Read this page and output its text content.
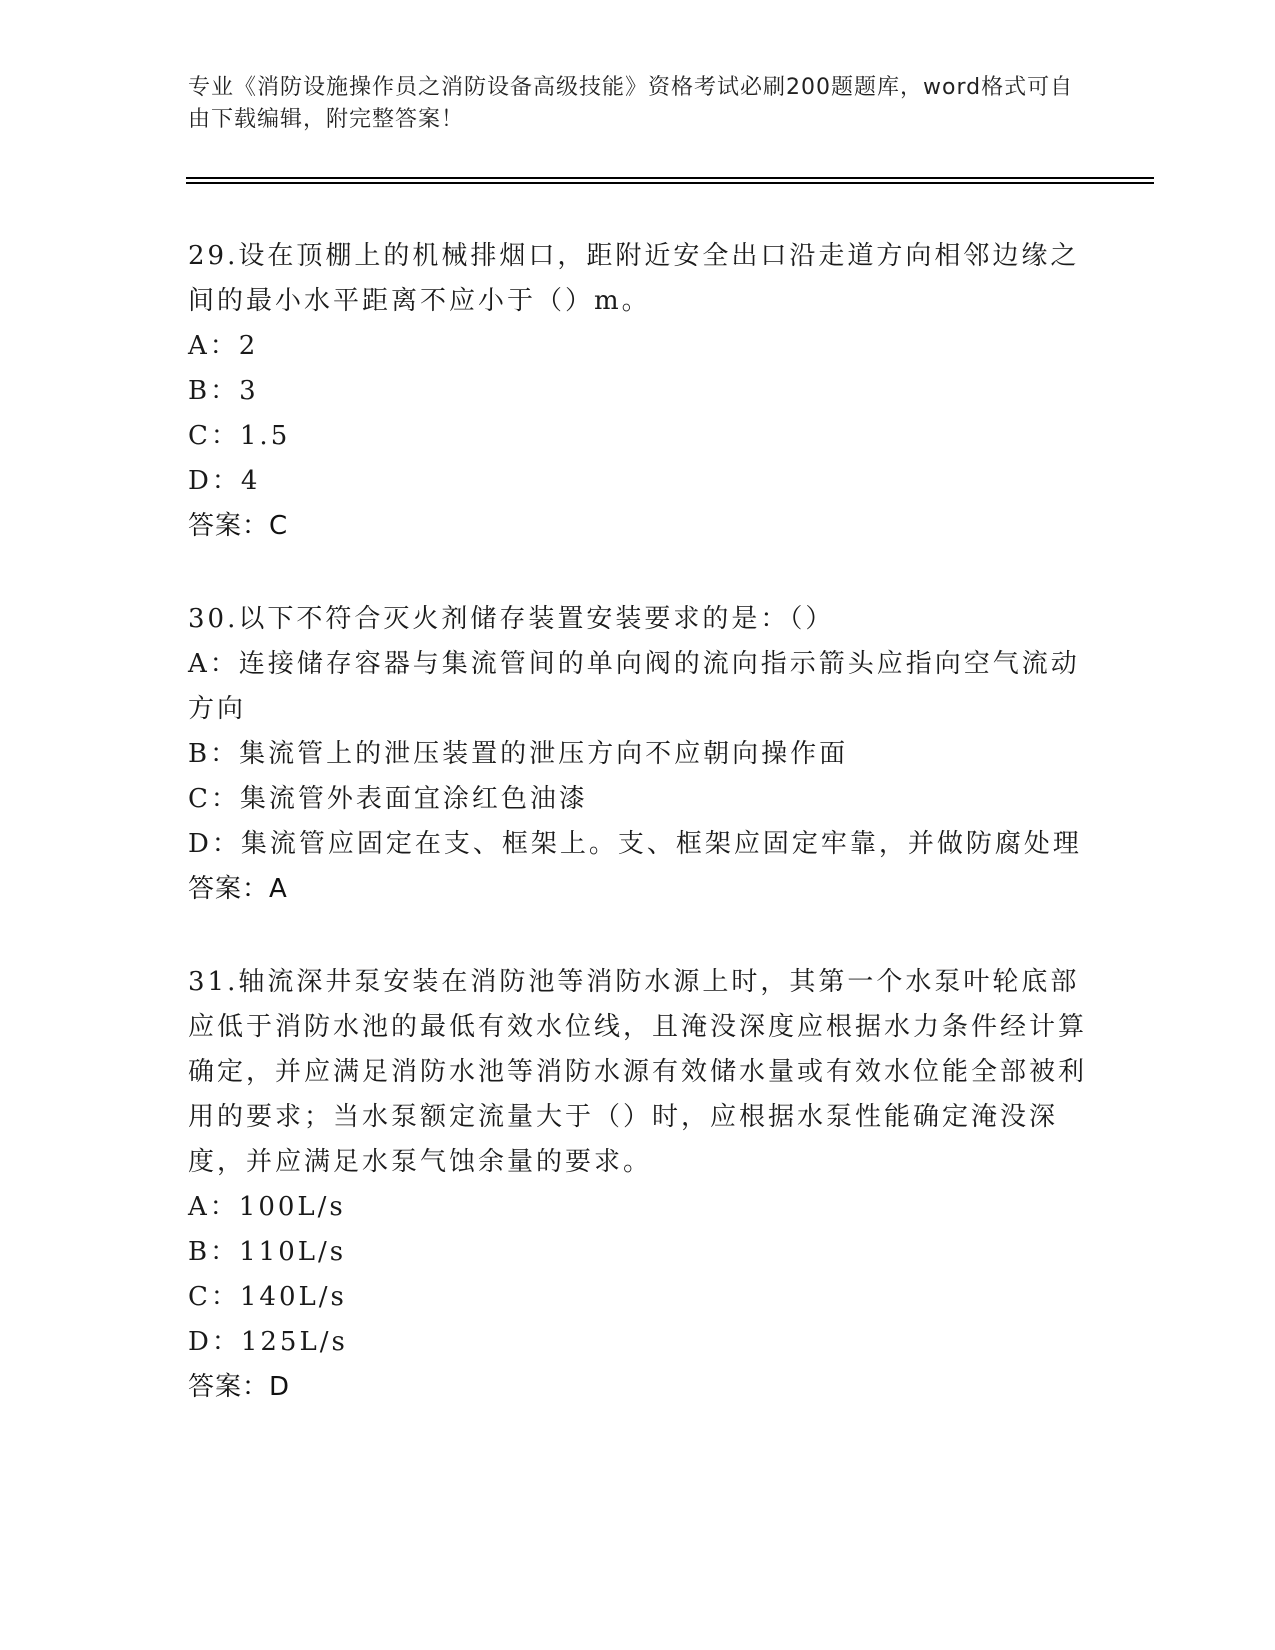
专业《消防设施操作员之消防设备高级技能》资格考试必刷200题题库，word格式可自由下载编辑，附完整答案！

29.设在顶棚上的机械排烟口，距附近安全出口沿走道方向相邻边缘之间的最小水平距离不应小于（）m。

A：2

B：3

C：1.5

D：4

答案：C

30.以下不符合灭火剂储存装置安装要求的是：（）

A：连接储存容器与集流管间的单向阀的流向指示箭头应指向空气流动方向

B：集流管上的泄压装置的泄压方向不应朝向操作面

C：集流管外表面宜涂红色油漆

D：集流管应固定在支、框架上。支、框架应固定牢靠，并做防腐处理

答案：A

31.轴流深井泵安装在消防池等消防水源上时，其第一个水泵叶轮底部应低于消防水池的最低有效水位线，且淹没深度应根据水力条件经计算确定，并应满足消防水池等消防水源有效储水量或有效水位能全部被利用的要求；当水泵额定流量大于（）时，应根据水泵性能确定淹没深度，并应满足水泵气蚀余量的要求。

A：100L/s

B：110L/s

C：140L/s

D：125L/s

答案：D
